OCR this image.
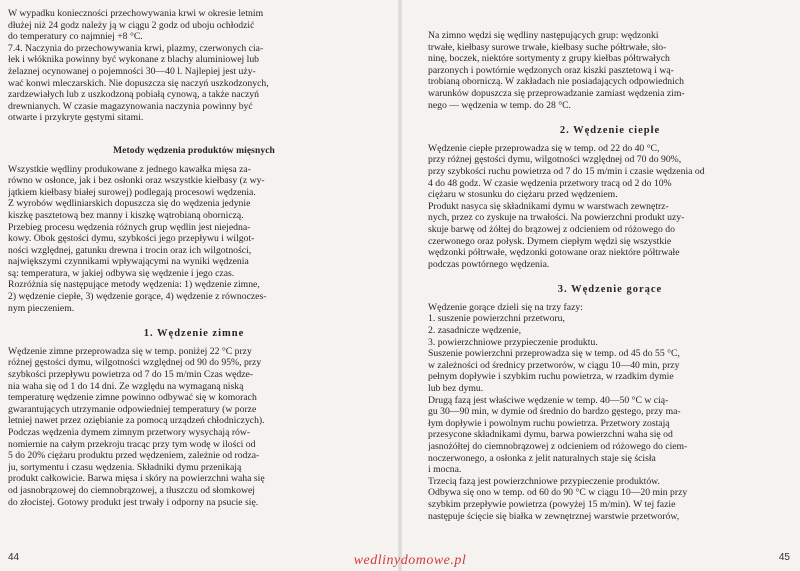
W wypadku konieczności przechowywania krwi w okresie letnim
dłużej niż 24 godz należy ją w ciągu 2 godz od uboju ochłodzić
do temperatury co najmniej +8 °C.
7.4. Naczynia do przechowywania krwi, plazmy, czerwonych cia-
łek i włóknika powinny być wykonane z blachy aluminiowej lub
żelaznej ocynowanej o pojemności 30—40 l. Najlepiej jest uży-
wać konwi mleczarskich. Nie dopuszcza się naczyń uszkodzonych,
zardzewiałych lub z uszkodzoną pobiałą cynową, a także naczyń
drewnianych. W czasie magazynowania naczynia powinny być
otwarte i przykryte gęstymi sitami.
Metody wędzenia produktów mięsnych
Wszystkie wędliny produkowane z jednego kawałka mięsa za-
równo w osłonce, jak i bez osłonki oraz wszystkie kiełbasy (z wy-
jątkiem kiełbasy białej surowej) podlegają procesowi wędzenia.
Z wyrobów wędliniarskich dopuszcza się do wędzenia jedynie
kiszkę pasztetową bez manny i kiszkę wątrobianą oborniczą.
Przebieg procesu wędzenia różnych grup wędlin jest niejedna-
kowy. Obok gęstości dymu, szybkości jego przepływu i wilgot-
ności względnej, gatunku drewna i trocin oraz ich wilgotności,
największymi czynnikami wpływającymi na wyniki wędzenia
są: temperatura, w jakiej odbywa się wędzenie i jego czas.
Rozróżnia się następujące metody wędzenia: 1) wędzenie zimne,
2) wędzenie ciepłe, 3) wędzenie gorące, 4) wędzenie z równoczes-
nym pieczeniem.
1. Wędzenie zimne
Wędzenie zimne przeprowadza się w temp. poniżej 22 °C przy
różnej gęstości dymu, wilgotności względnej od 90 do 95%, przy
szybkości przepływu powietrza od 7 do 15 m/min Czas wędze-
nia waha się od 1 do 14 dni. Ze względu na wymaganą niską
temperaturę wędzenie zimne powinno odbywać się w komorach
gwarantujących utrzymanie odpowiedniej temperatury (w porze
letniej nawet przez oziębianie za pomocą urządzeń chłodniczych).
Podczas wędzenia dymem zimnym przetwory wysychają rów-
nomiernie na całym przekroju tracąc przy tym wodę w ilości od
5 do 20% ciężaru produktu przed wędzeniem, zależnie od rodza-
ju, sortymentu i czasu wędzenia. Składniki dymu przenikają
produkt całkowicie. Barwa mięsa i skóry na powierzchni waha się
od jasnobrązowej do ciemnobrązowej, a tłuszczu od słomkowej
do złocistej. Gotowy produkt jest trwały i odporny na psucie się.
44
Na zimno wędzi się wędliny następujących grup: wędzonki
trwałe, kiełbasy surowe trwałe, kiełbasy suche półtrwałe, sło-
ninę, boczek, niektóre sortymenty z grupy kiełbas półtrwałych
parzonych i powtórnie wędzonych oraz kiszki pasztetową i wą-
trobianą oborniczą. W zakładach nie posiadających odpowiednich
warunków dopuszcza się przeprowadzanie zamiast wędzenia zim-
nego — wędzenia w temp. do 28 °C.
2. Wędzenie ciepłe
Wędzenie ciepłe przeprowadza się w temp. od 22 do 40 °C,
przy różnej gęstości dymu, wilgotności względnej od 70 do 90%,
przy szybkości ruchu powietrza od 7 do 15 m/min i czasie wędzenia od
4 do 48 godz. W czasie wędzenia przetwory tracą od 2 do 10%
ciężaru w stosunku do ciężaru przed wędzeniem.
Produkt nasyca się składnikami dymu w warstwach zewnętrz-
nych, przez co zyskuje na trwałości. Na powierzchni produkt uzy-
skuje barwę od żółtej do brązowej z odcieniem od różowego do
czerwonego oraz połysk. Dymem ciepłym wędzi się wszystkie
wędzonki półtrwałe, wędzonki gotowane oraz niektóre półtrwałe
podczas powtórnego wędzenia.
3. Wędzenie gorące
Wędzenie gorące dzieli się na trzy fazy:
1. suszenie powierzchni przetworu,
2. zasadnicze wędzenie,
3. powierzchniowe przypieczenie produktu.
Suszenie powierzchni przeprowadza się w temp. od 45 do 55 °C,
w zależności od średnicy przetworów, w ciągu 10—40 min, przy
pełnym dopływie i szybkim ruchu powietrza, w rzadkim dymie
lub bez dymu.
Drugą fazą jest właściwe wędzenie w temp. 40—50 °C w cią-
gu 30—90 min, w dymie od średnio do bardzo gęstego, przy ma-
łym dopływie i powolnym ruchu powietrza. Przetwory zostają
przesycone składnikami dymu, barwa powierzchni waha się od
jasnożółtej do ciemnobrązowej z odcieniem od różowego do ciem-
noczerwonego, a osłonka z jelit naturalnych staje się ścisła
i mocna.
Trzecią fazą jest powierzchniowe przypieczenie produktów.
Odbywa się ono w temp. od 60 do 90 °C w ciągu 10—20 min przy
szybkim przepływie powietrza (powyżej 15 m/min). W tej fazie
następuje ścięcie się białka w zewnętrznej warstwie przetworów,
45
wedlinydomowe.pl
